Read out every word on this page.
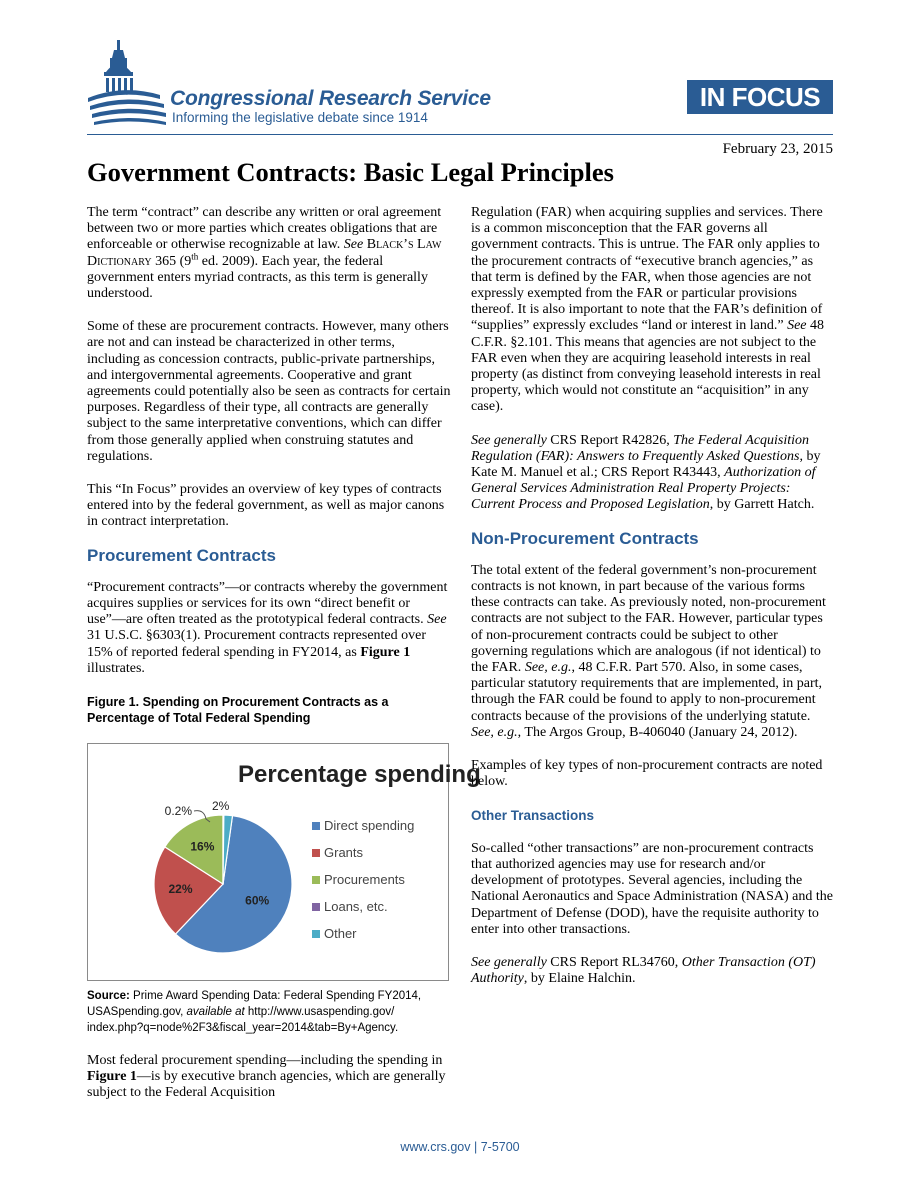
Congressional Research Service
Informing the legislative debate since 1914
IN FOCUS
February 23, 2015
Government Contracts: Basic Legal Principles

The term “contract” can describe any written or oral agreement between two or more parties which creates obligations that are enforceable or otherwise recognizable at law. See Black’s Law Dictionary 365 (9th ed. 2009). Each year, the federal government enters myriad contracts, as this term is generally understood.

Some of these are procurement contracts. However, many others are not and can instead be characterized in other terms, including as concession contracts, public-private partnerships, and intergovernmental agreements. Cooperative and grant agreements could potentially also be seen as contracts for certain purposes. Regardless of their type, all contracts are generally subject to the same interpretative conventions, which can differ from those generally applied when construing statutes and regulations.

This “In Focus” provides an overview of key types of contracts entered into by the federal government, as well as major canons in contract interpretation.

Procurement Contracts

“Procurement contracts”—or contracts whereby the government acquires supplies or services for its own “direct benefit or use”—are often treated as the prototypical federal contracts. See 31 U.S.C. §6303(1). Procurement contracts represented over 15% of reported federal spending in FY2014, as Figure 1 illustrates.

Figure 1. Spending on Procurement Contracts as a Percentage of Total Federal Spending

Percentage spending
60%
22%
16%
0.2% 2%
Direct spending
Grants
Procurements
Loans, etc.
Other

Source: Prime Award Spending Data: Federal Spending FY2014, USASpending.gov, available at http://www.usaspending.gov/ index.php?q=node%2F3&fiscal_year=2014&tab=By+Agency.

Most federal procurement spending—including the spending in Figure 1—is by executive branch agencies, which are generally subject to the Federal Acquisition

Regulation (FAR) when acquiring supplies and services. There is a common misconception that the FAR governs all government contracts. This is untrue. The FAR only applies to the procurement contracts of “executive branch agencies,” as that term is defined by the FAR, when those agencies are not expressly exempted from the FAR or particular provisions thereof. It is also important to note that the FAR’s definition of “supplies” expressly excludes “land or interest in land.” See 48 C.F.R. §2.101. This means that agencies are not subject to the FAR even when they are acquiring leasehold interests in real property (as distinct from conveying leasehold interests in real property, which would not constitute an “acquisition” in any case).

See generally CRS Report R42826, The Federal Acquisition Regulation (FAR): Answers to Frequently Asked Questions, by Kate M. Manuel et al.; CRS Report R43443, Authorization of General Services Administration Real Property Projects: Current Process and Proposed Legislation, by Garrett Hatch.

Non-Procurement Contracts

The total extent of the federal government’s non-procurement contracts is not known, in part because of the various forms these contracts can take. As previously noted, non-procurement contracts are not subject to the FAR. However, particular types of non-procurement contracts could be subject to other governing regulations which are analogous (if not identical) to the FAR. See, e.g., 48 C.F.R. Part 570. Also, in some cases, particular statutory requirements that are implemented, in part, through the FAR could be found to apply to non-procurement contracts because of the provisions of the underlying statute. See, e.g., The Argos Group, B-406040 (January 24, 2012).

Examples of key types of non-procurement contracts are noted below.

Other Transactions

So-called “other transactions” are non-procurement contracts that authorized agencies may use for research and/or development of prototypes. Several agencies, including the National Aeronautics and Space Administration (NASA) and the Department of Defense (DOD), have the requisite authority to enter into other transactions.

See generally CRS Report RL34760, Other Transaction (OT) Authority, by Elaine Halchin.

www.crs.gov | 7-5700
